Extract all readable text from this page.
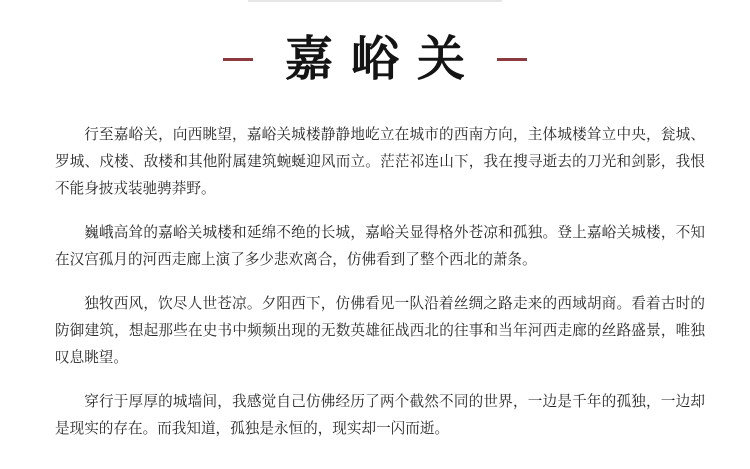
嘉峪关

行至嘉峪关，向西眺望，嘉峪关城楼静静地屹立在城市的西南方向，主体城楼耸立中央，瓮城、罗城、戍楼、敌楼和其他附属建筑蜿蜒迎风而立。茫茫祁连山下，我在搜寻逝去的刀光和剑影，我恨不能身披戎装驰骋莽野。

巍峨高耸的嘉峪关城楼和延绵不绝的长城，嘉峪关显得格外苍凉和孤独。登上嘉峪关城楼，不知在汉宫孤月的河西走廊上演了多少悲欢离合，仿佛看到了整个西北的萧条。

独牧西风，饮尽人世苍凉。夕阳西下，仿佛看见一队沿着丝绸之路走来的西域胡商。看着古时的防御建筑，想起那些在史书中频频出现的无数英雄征战西北的往事和当年河西走廊的丝路盛景，唯独叹息眺望。

穿行于厚厚的城墙间，我感觉自己仿佛经历了两个截然不同的世界，一边是千年的孤独，一边却是现实的存在。而我知道，孤独是永恒的，现实却一闪而逝。
